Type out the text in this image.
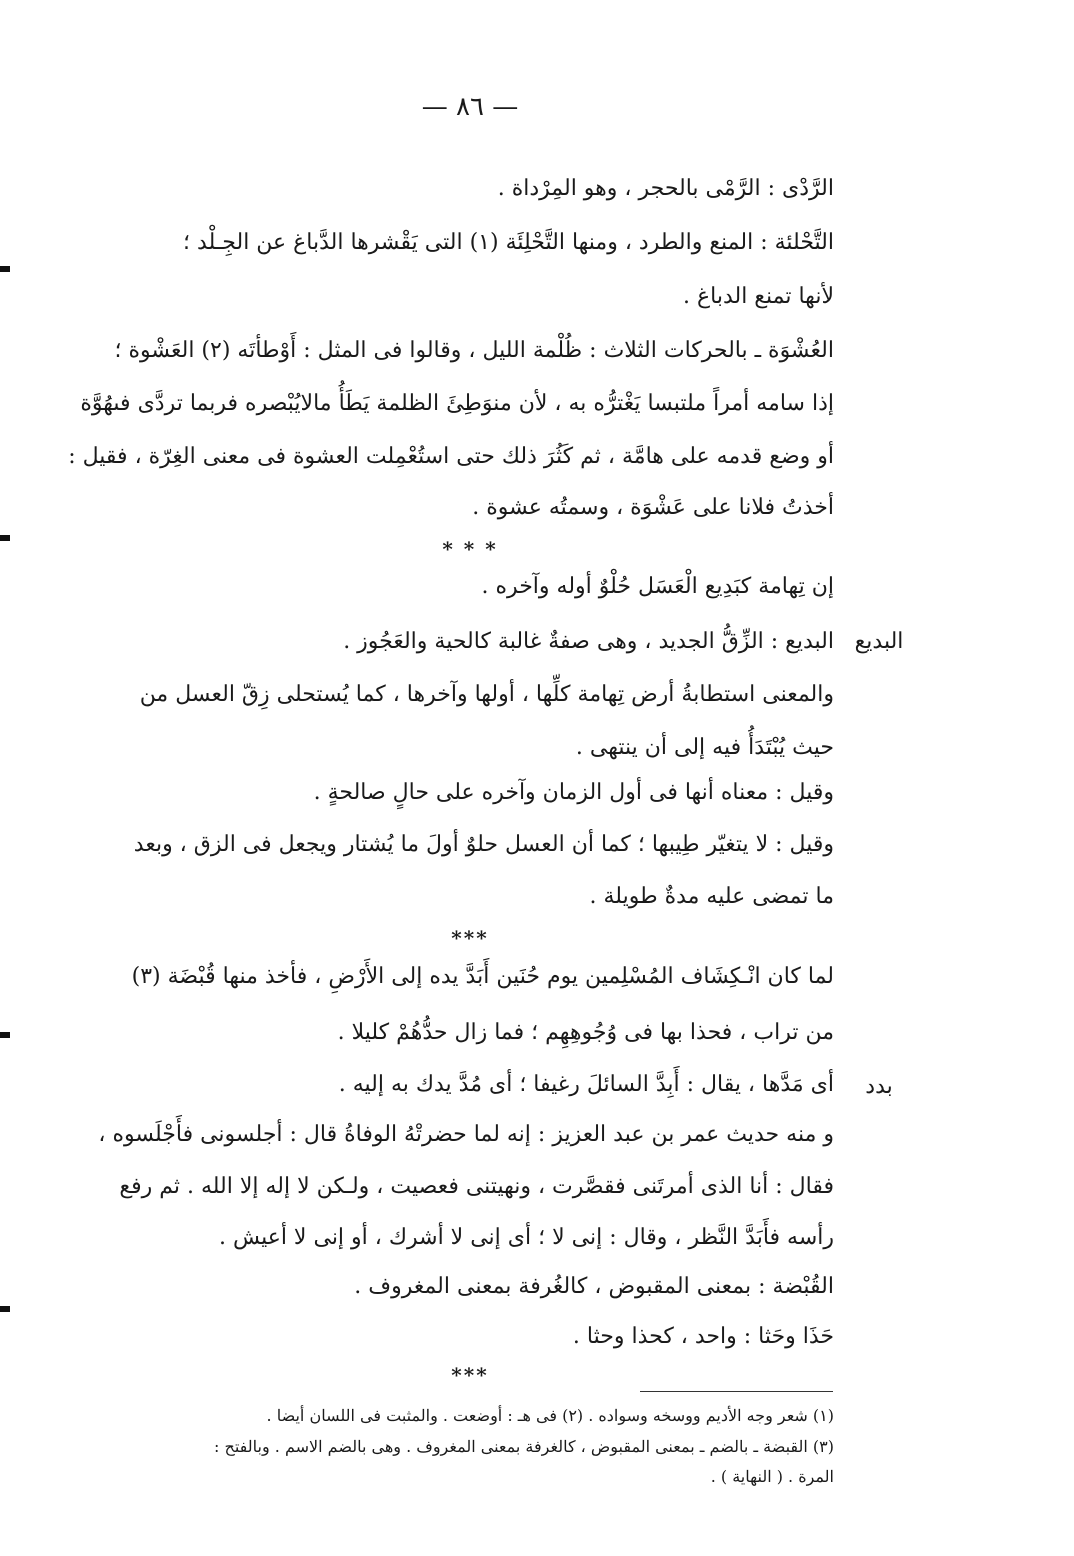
— ٨٦ —
الرَّدْى : الرَّمْى بالحجر ، وهو المِرْداة .
التَّحْلئة : المنع والطرد ، ومنها التَّحْلِئَة (١) التى يَقْشرها الدَّباغ عن الجِـلْد ؛
لأنها تمنع الدباغ .
العُشْوَة ـ بالحركات الثلاث : ظُلْمة الليل ، وقالوا فى المثل : أَوْطأتَه (٢) العَشْوة ؛
إذا سامه أمراً ملتبسا يَغْترُّه به ، لأن منوَطِئَ الظلمة يَطَأُ مالايُبْصره فربما تردَّى فىهُوَّة
أو وضع قدمه على هامَّة ، ثم كَثُرَ ذلك حتى استُعْمِلت العشوة فى معنى الغِرّة ، فقيل :
أخذتُ فلانا على عَشْوَة ، وسمتُه عشوة .
* * *
إن تِهامة كبَدِيع الْعَسَل حُلْوٌ أوله وآخره .
البديع : الزِّقُّ الجديد ، وهى صفةٌ غالبة كالحية والعَجُوز . البديع
والمعنى استطابةُ أرض تِهامة كلِّها ، أولها وآخرها ، كما يُستحلى زِقّ العسل من
حيث يُبْتَدَأُ فيه إلى أن ينتهى .
وقيل : معناه أنها فى أول الزمان وآخره على حالٍ صالحةٍ .
وقيل : لا يتغيّر طِيبها ؛ كما أن العسل حلوٌ أولَ ما يُشتار ويجعل فى الزق ، وبعد
ما تمضى عليه مدةٌ طويلة .
***
لما كان انْـكِشَاف المُسْلِمين يوم حُنَين أَبَدَّ يده إلى الأَرْضِ ، فأخذ منها قُبْضَة (٣)
من تراب ، فحذا بها فى وُجُوهِهِم ؛ فما زال حدُّهُمْ كليلا .
أى مَدَّها ، يقال : أَبِدَّ السائلَ رغيفا ؛ أى مُدَّ يدك به إليه .	بدد
و منه حديث عمر بن عبد العزيز : إنه لما حضرتْهُ الوفاةُ قال : أجلسونى فأَجْلَسوه ،
فقال : أنا الذى أمرتَنى فقصَّرت ، ونهيتنى فعصيت ، ولـكن لا إله إلا الله . ثم رفع
رأسه فأَبَدَّ النَّظر ، وقال : إنى لا ؛ أى إنى لا أشرك ، أو إنى لا أعيش .
القُبْضة : بمعنى المقبوض ، كالغُرفة بمعنى المغروف .
حَذَا وحَثا : واحد ، كحذا وحثا .
***
(١) شعر وجه الأديم ووسخه وسواده . (٢) فى هـ : أوضعت . والمثبت فى اللسان أيضا .
(٣) القبضة ـ بالضم ـ بمعنى المقبوض ، كالغرفة بمعنى المغروف . وهى بالضم الاسم . وبالفتح :
المرة . ( النهاية ) .
